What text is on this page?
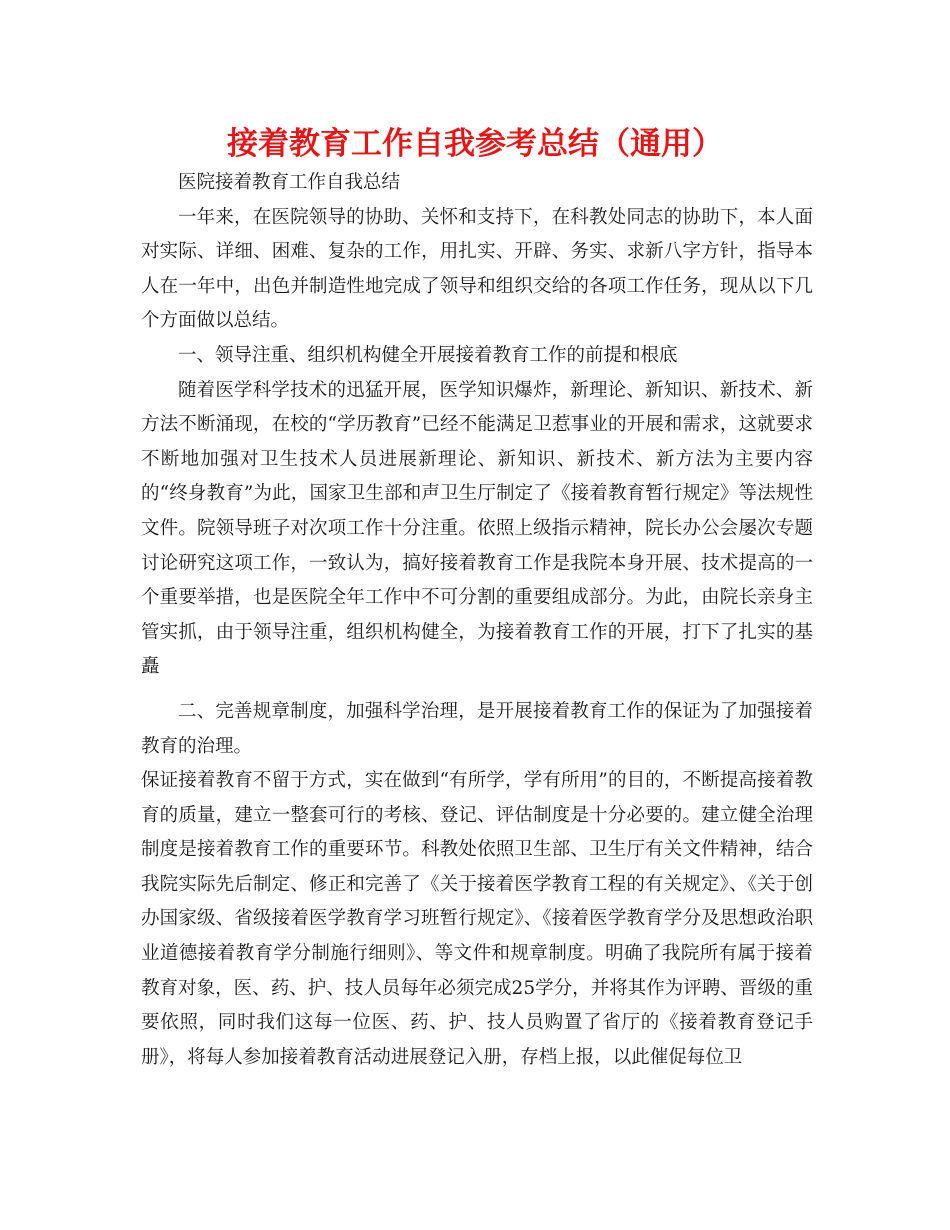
接着教育工作自我参考总结（通用）

医院接着教育工作自我总结

一年来，在医院领导的协助、关怀和支持下，在科教处同志的协助下，本人面对实际、详细、困难、复杂的工作，用扎实、开辟、务实、求新八字方针，指导本人在一年中，出色并制造性地完成了领导和组织交给的各项工作任务，现从以下几个方面做以总结。

一、领导注重、组织机构健全开展接着教育工作的前提和根底

随着医学科学技术的迅猛开展，医学知识爆炸，新理论、新知识、新技术、新方法不断涌现，在校的“学历教育”已经不能满足卫惹事业的开展和需求，这就要求不断地加强对卫生技术人员进展新理论、新知识、新技术、新方法为主要内容的“终身教育”为此，国家卫生部和声卫生厅制定了《接着教育暂行规定》等法规性文件。院领导班子对次项工作十分注重。依照上级指示精神，院长办公会屡次专题讨论研究这项工作，一致认为，搞好接着教育工作是我院本身开展、技术提高的一个重要举措，也是医院全年工作中不可分割的重要组成部分。为此，由院长亲身主管实抓，由于领导注重，组织机构健全，为接着教育工作的开展，打下了扎实的基矗

二、完善规章制度，加强科学治理，是开展接着教育工作的保证为了加强接着教育的治理。

保证接着教育不留于方式，实在做到“有所学，学有所用”的目的，不断提高接着教育的质量，建立一整套可行的考核、登记、评估制度是十分必要的。建立健全治理制度是接着教育工作的重要环节。科教处依照卫生部、卫生厅有关文件精神，结合我院实际先后制定、修正和完善了《关于接着医学教育工程的有关规定》、《关于创办国家级、省级接着医学教育学习班暂行规定》、《接着医学教育学分及思想政治职业道德接着教育学分制施行细则》、等文件和规章制度。明确了我院所有属于接着教育对象，医、药、护、技人员每年必须完成25学分，并将其作为评聘、晋级的重要依照，同时我们这每一位医、药、护、技人员购置了省厅的《接着教育登记手册》，将每人参加接着教育活动进展登记入册，存档上报，以此催促每位卫
